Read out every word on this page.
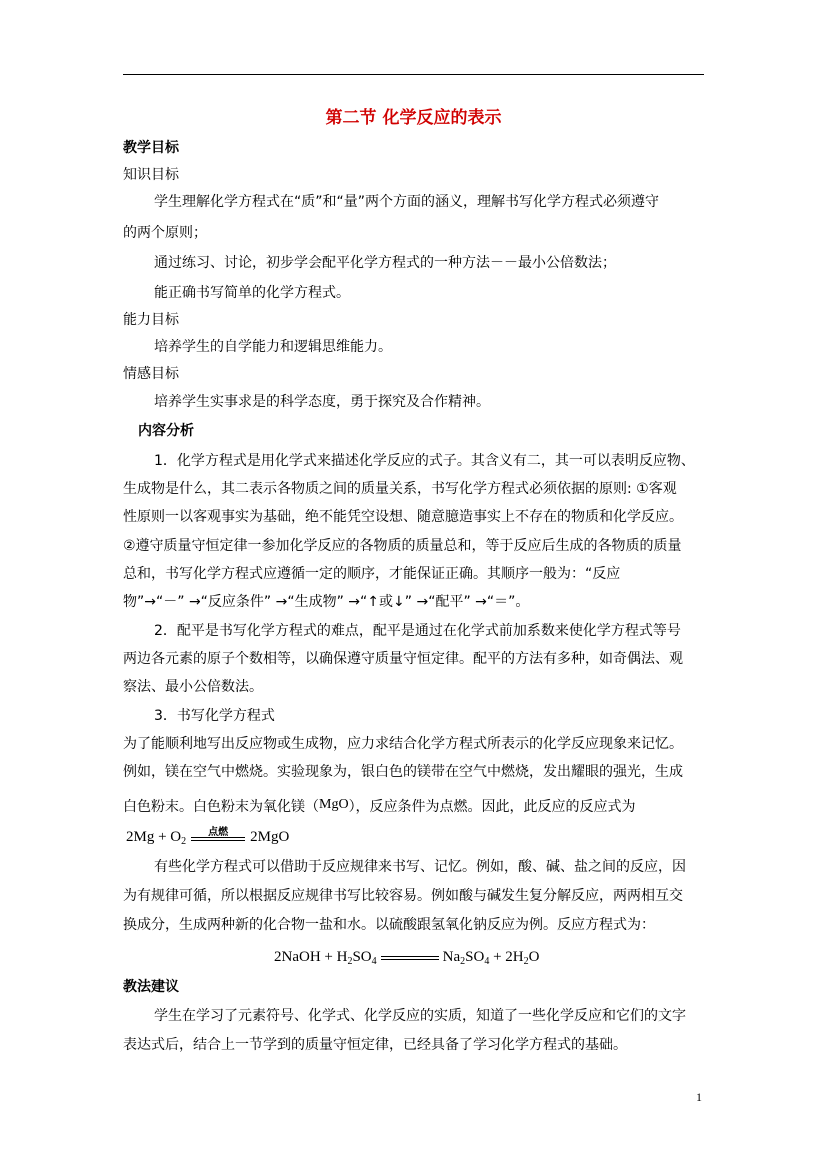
第二节 化学反应的表示
教学目标
知识目标
学生理解化学方程式在“质”和“量”两个方面的涵义，理解书写化学方程式必须遵守
的两个原则；
通过练习、讨论，初步学会配平化学方程式的一种方法－－最小公倍数法；
能正确书写简单的化学方程式。
能力目标
培养学生的自学能力和逻辑思维能力。
情感目标
培养学生实事求是的科学态度，勇于探究及合作精神。
内容分析
1．化学方程式是用化学式来描述化学反应的式子。其含义有二，其一可以表明反应物、
生成物是什么，其二表示各物质之间的质量关系，书写化学方程式必须依据的原则: ①客观
性原则一以客观事实为基础，绝不能凭空设想、随意臆造事实上不存在的物质和化学反应。
②遵守质量守恒定律一参加化学反应的各物质的质量总和，等于反应后生成的各物质的质量
总和，书写化学方程式应遵循一定的顺序，才能保证正确。其顺序一般为：“反应
物”→“－” →“反应条件” →“生成物” →“↑或↓” →“配平” →“＝”。
2．配平是书写化学方程式的难点，配平是通过在化学式前加系数来使化学方程式等号
两边各元素的原子个数相等，以确保遵守质量守恒定律。配平的方法有多种，如奇偶法、观
察法、最小公倍数法。
3．书写化学方程式
为了能顺利地写出反应物或生成物，应力求结合化学方程式所表示的化学反应现象来记忆。
例如，镁在空气中燃烧。实验现象为，银白色的镁带在空气中燃烧，发出耀眼的强光，生成
白色粉末。白色粉末为氧化镁（MgO），反应条件为点燃。因此，此反应的反应式为
$2Mg + O_2$
点燃	2MgO
有些化学方程式可以借助于反应规律来书写、记忆。例如，酸、碱、盐之间的反应，因
为有规律可循，所以根据反应规律书写比较容易。例如酸与碱发生复分解反应，两两相互交
换成分，生成两种新的化合物一盐和水。以硫酸跟氢氧化钠反应为例。反应方程式为：
2NaOH + $H_2SO_4$	$Na_2SO_4 + 2H_2O$
教法建议
学生在学习了元素符号、化学式、化学反应的实质，知道了一些化学反应和它们的文字
表达式后，结合上一节学到的质量守恒定律，已经具备了学习化学方程式的基础。
1
